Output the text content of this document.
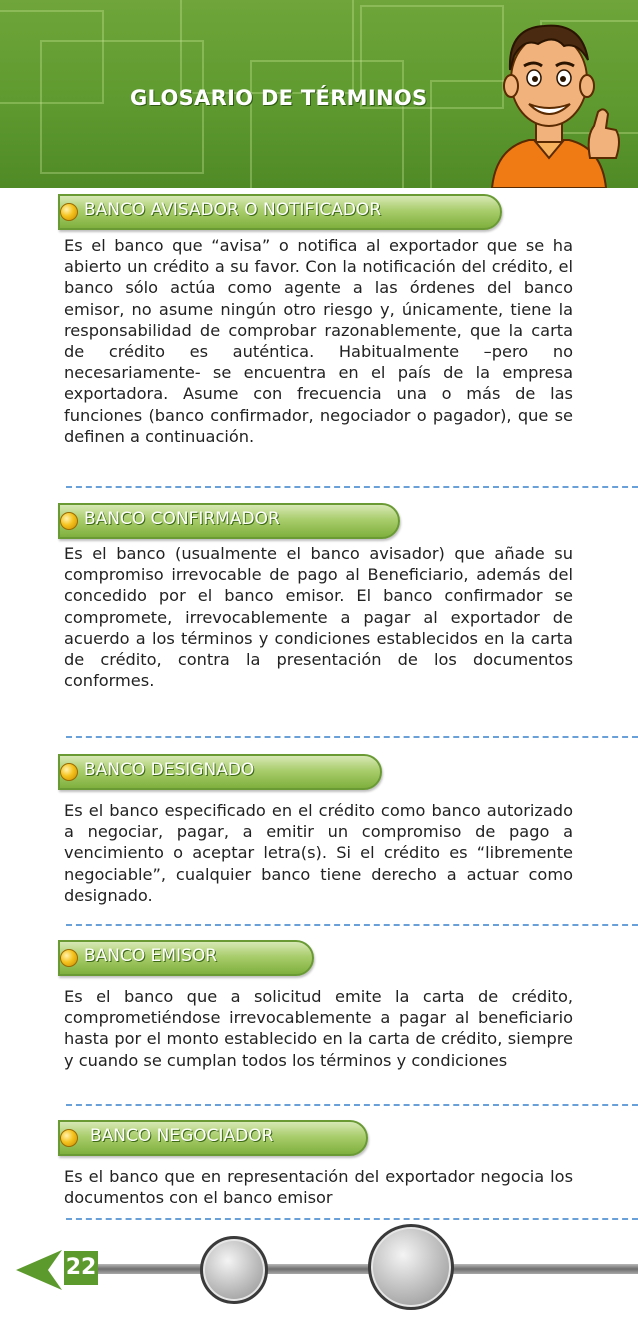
GLOSARIO DE TÉRMINOS
BANCO AVISADOR O NOTIFICADOR
Es el banco que “avisa” o notifica al exportador que se ha abierto un crédito a su favor. Con la notificación del crédito, el banco sólo actúa como agente a las órdenes del banco emisor, no asume ningún otro riesgo y, únicamente, tiene la responsabilidad de comprobar razonablemente, que la carta de crédito es auténtica. Habitualmente –pero no necesariamente- se encuentra en el país de la empresa exportadora. Asume con frecuencia una o más de las funciones (banco confirmador, negociador o pagador), que se definen a continuación.
BANCO CONFIRMADOR
Es el banco (usualmente el banco avisador) que añade su compromiso irrevocable de pago al Beneficiario, además del concedido por el banco emisor. El banco confirmador se compromete, irrevocablemente a pagar al exportador de acuerdo a los términos y condiciones establecidos en la carta de crédito, contra la presentación de los documentos conformes.
BANCO DESIGNADO
Es el banco especificado en el crédito como banco autorizado a negociar, pagar, a emitir un compromiso de pago a vencimiento o aceptar letra(s). Si el crédito es “libremente negociable”, cualquier banco tiene derecho a actuar como designado.
BANCO EMISOR
Es el banco que a solicitud emite la carta de crédito, comprometiéndose irrevocablemente a pagar al beneficiario hasta por el monto establecido en la carta de crédito, siempre y cuando se cumplan todos los términos y condiciones
BANCO NEGOCIADOR
Es el banco que en representación del exportador negocia los documentos con el banco emisor
22
